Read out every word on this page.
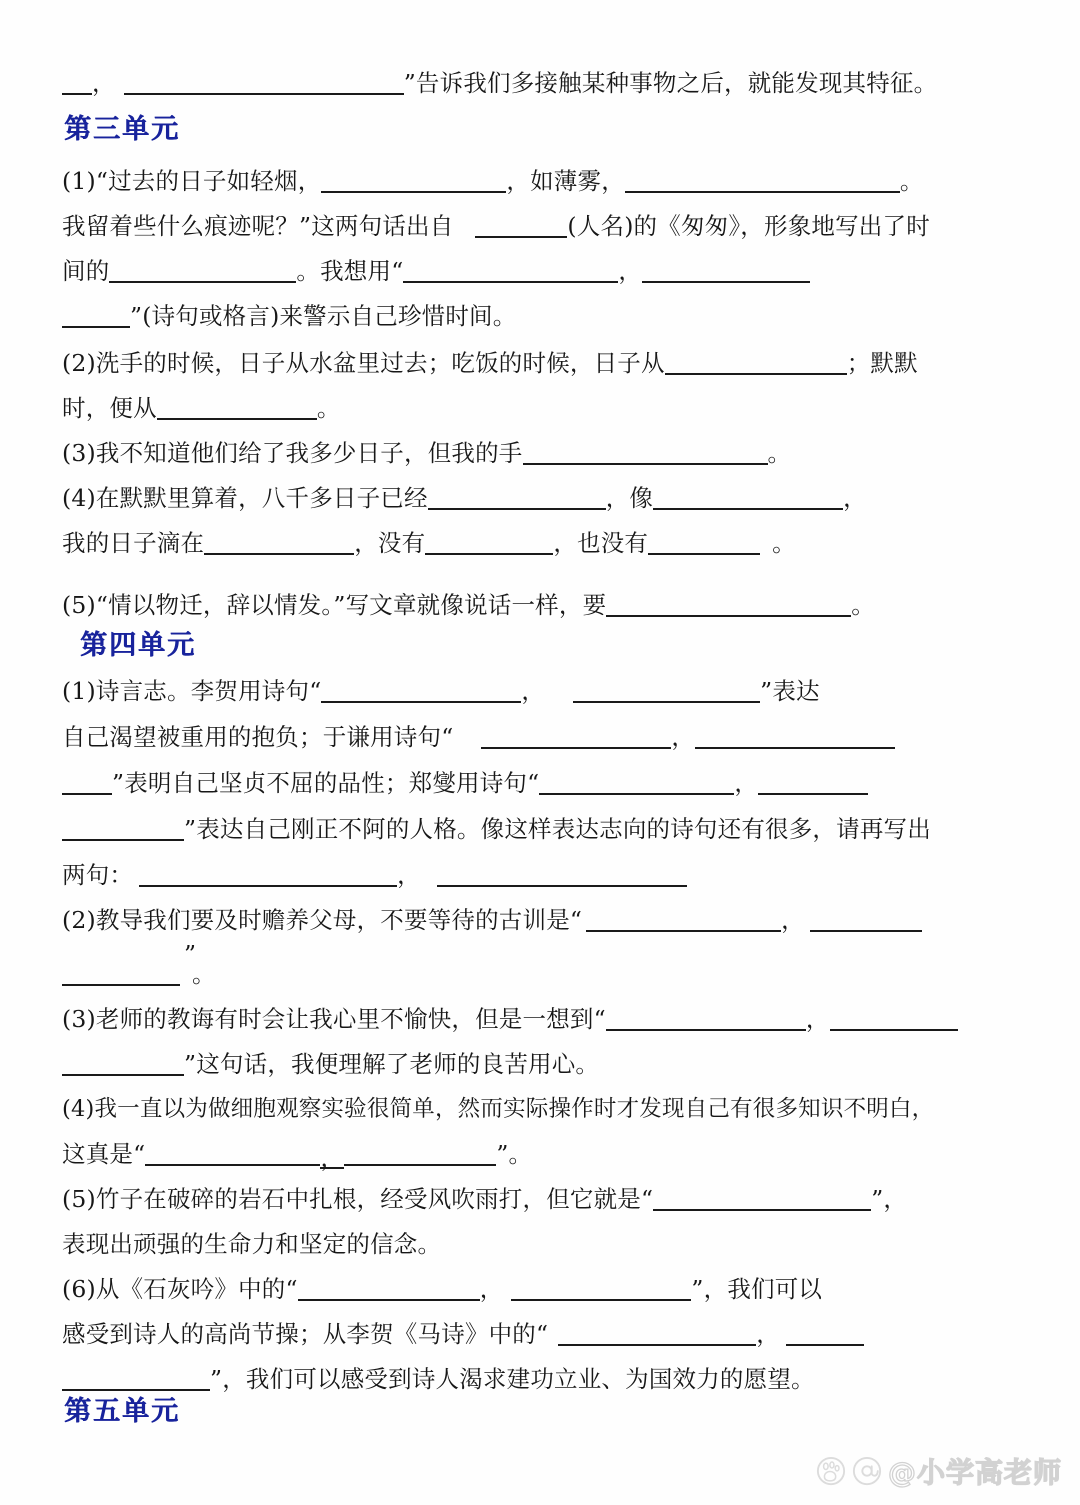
，	”告诉我们多接触某种事物之后，就能发现其特征。
第三单元
(1)“过去的日子如轻烟，	，如薄雾，	。
我留着些什么痕迹呢？”这两句话出自	(人名)的《匆匆》，形象地写出了时
间的	。我想用“	，
”(诗句或格言)来警示自己珍惜时间。
(2)洗手的时候，日子从水盆里过去；吃饭的时候，日子从	；默默
时，便从	。
(3)我不知道他们给了我多少日子，但我的手	。
(4)在默默里算着，八千多日子已经	，像	，
我的日子滴在	，没有	，也没有	。
(5)“情以物迁，辞以情发。”写文章就像说话一样，要	。
第四单元
(1)诗言志。李贺用诗句“	，	”表达
自己渴望被重用的抱负；于谦用诗句“	，
”表明自己坚贞不屈的品性；郑燮用诗句“	，
”表达自己刚正不阿的人格。像这样表达志向的诗句还有很多，请再写出
两句：	，
(2)教导我们要及时赡养父母，不要等待的古训是“	，
”
。
(3)老师的教诲有时会让我心里不愉快，但是一想到“	，
”这句话，我便理解了老师的良苦用心。
(4)我一直以为做细胞观察实验很简单，然而实际操作时才发现自己有很多知识不明白，
这真是“	，	”。
(5)竹子在破碎的岩石中扎根，经受风吹雨打，但它就是“	”，
表现出顽强的生命力和坚定的信念。
(6)从《石灰吟》中的“	，	”，我们可以
感受到诗人的高尚节操；从李贺《马诗》中的“	，
”，我们可以感受到诗人渴求建功立业、为国效力的愿望。
第五单元
@小学高老师
